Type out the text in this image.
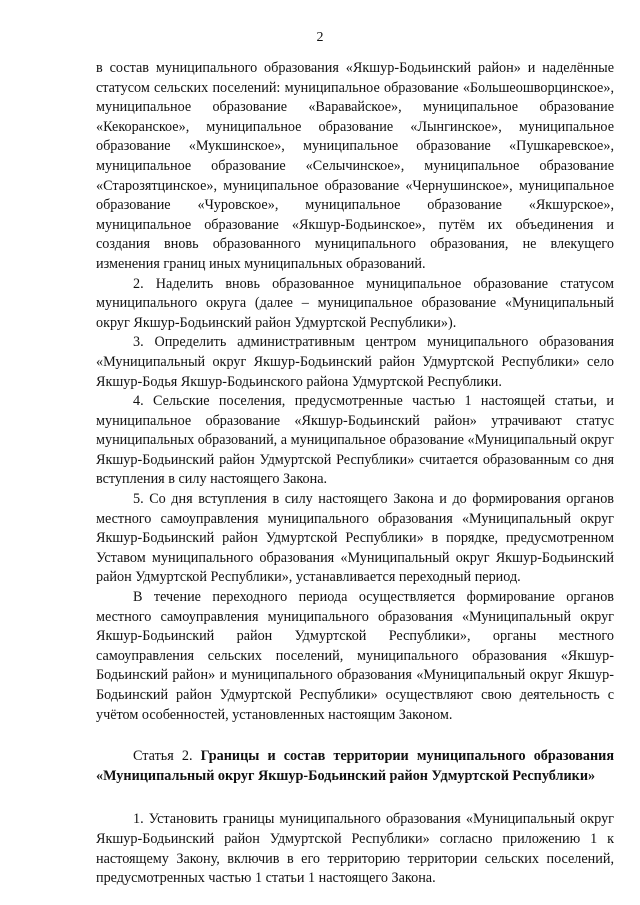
2

в состав муниципального образования «Якшур-Бодьинский район» и наделённые статусом сельских поселений: муниципальное образование «Большеошворцинское», муниципальное образование «Варавайское», муниципальное образование «Кекоранское», муниципальное образование «Лынгинское», муниципальное образование «Мукшинское», муниципальное образование «Пушкаревское», муниципальное образование «Селычинское», муниципальное образование «Старозятцинское», муниципальное образование «Чернушинское», муниципальное образование «Чуровское», муниципальное образование «Якшурское», муниципальное образование «Якшур-Бодьинское», путём их объединения и создания вновь образованного муниципального образования, не влекущего изменения границ иных муниципальных образований.

2. Наделить вновь образованное муниципальное образование статусом муниципального округа (далее – муниципальное образование «Муниципальный округ Якшур-Бодьинский район Удмуртской Республики»).

3. Определить административным центром муниципального образования «Муниципальный округ Якшур-Бодьинский район Удмуртской Республики» село Якшур-Бодья Якшур-Бодьинского района Удмуртской Республики.

4. Сельские поселения, предусмотренные частью 1 настоящей статьи, и муниципальное образование «Якшур-Бодьинский район» утрачивают статус муниципальных образований, а муниципальное образование «Муниципальный округ Якшур-Бодьинский район Удмуртской Республики» считается образованным со дня вступления в силу настоящего Закона.

5. Со дня вступления в силу настоящего Закона и до формирования органов местного самоуправления муниципального образования «Муниципальный округ Якшур-Бодьинский район Удмуртской Республики» в порядке, предусмотренном Уставом муниципального образования «Муниципальный округ Якшур-Бодьинский район Удмуртской Республики», устанавливается переходный период.

В течение переходного периода осуществляется формирование органов местного самоуправления муниципального образования «Муниципальный округ Якшур-Бодьинский район Удмуртской Республики», органы местного самоуправления сельских поселений, муниципального образования «Якшур-Бодьинский район» и муниципального образования «Муниципальный округ Якшур-Бодьинский район Удмуртской Республики» осуществляют свою деятельность с учётом особенностей, установленных настоящим Законом.

Статья 2. Границы и состав территории муниципального образования «Муниципальный округ Якшур-Бодьинский район Удмуртской Республики»

1. Установить границы муниципального образования «Муниципальный округ Якшур-Бодьинский район Удмуртской Республики» согласно приложению 1 к настоящему Закону, включив в его территорию территории сельских поселений, предусмотренных частью 1 статьи 1 настоящего Закона.
